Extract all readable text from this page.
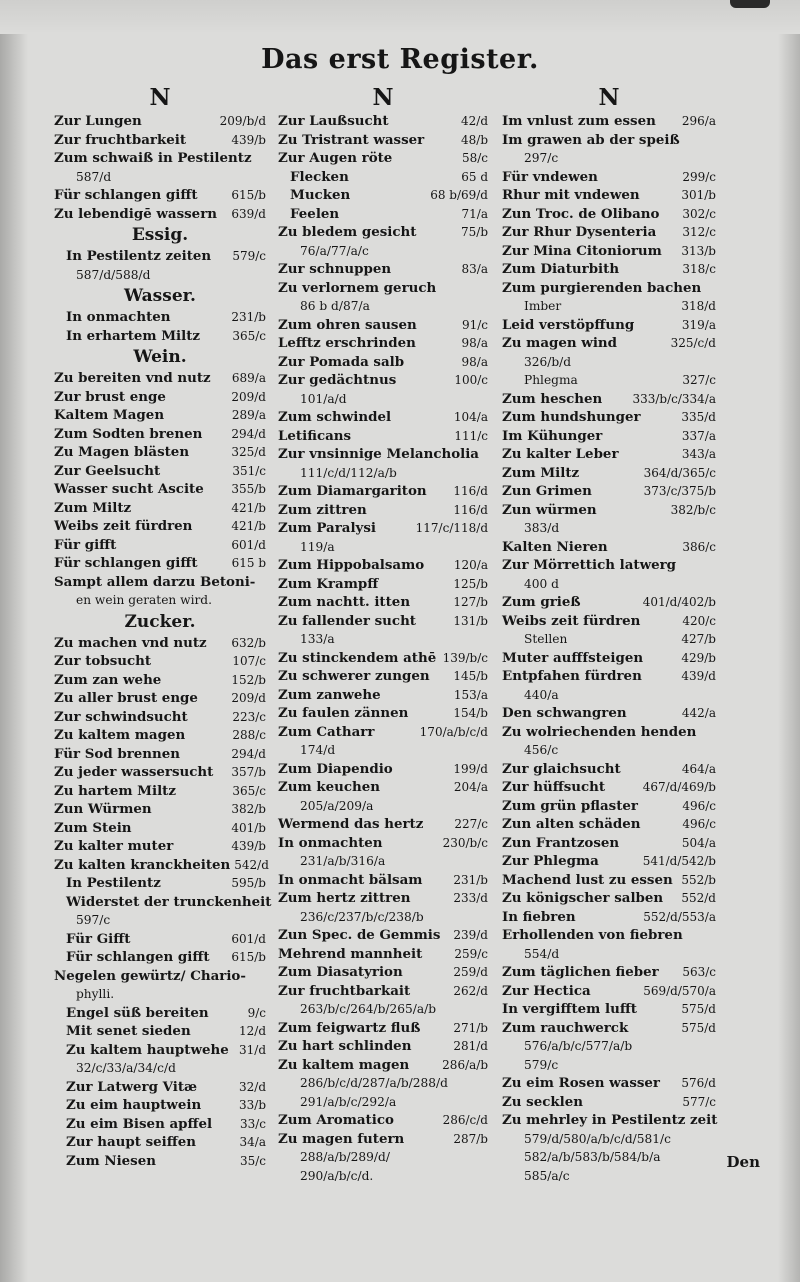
Das erst Register.
N
Zur Lungen	209/b/d
Zur fruchtbarkeit	439/b
Zum schwaiß in Pestilentz
587/d
Für schlangen gifft	615/b
Zu lebendigē wassern	639/d
Essig.
In Pestilentz zeiten	579/c
587/d/588/d
Wasser.
In onmachten	231/b
In erhartem Miltz	365/c
Wein.
Zu bereiten vnd nutz	689/a
Zur brust enge	209/d
Kaltem Magen	289/a
Zum Sodten brenen	294/d
Zu Magen blästen	325/d
Zur Geelsucht	351/c
Wasser sucht Ascite	355/b
Zum Miltz	421/b
Weibs zeit fürdren	421/b
Für gifft	601/d
Für schlangen gifft	615 b
Sampt allem darzu Betoni-
en wein geraten wird.
Zucker.
Zu machen vnd nutz	632/b
Zur tobsucht	107/c
Zum zan wehe	152/b
Zu aller brust enge	209/d
Zur schwindsucht	223/c
Zu kaltem magen	288/c
Für Sod brennen	294/d
Zu jeder wassersucht	357/b
Zu hartem Miltz	365/c
Zun Würmen	382/b
Zum Stein	401/b
Zu kalter muter	439/b
Zu kalten kranckheiten 542/d
In Pestilentz	595/b
Widerstet der trunckenheit
597/c
Für Gifft	601/d
Für schlangen gifft	615/b
Negelen gewürtz/ Chario-
phylli.
Engel süß bereiten	9/c
Mit senet sieden	12/d
Zu kaltem hauptwehe 31/d
32/c/33/a/34/c/d
Zur Latwerg Vitæ	32/d
Zu eim hauptwein	33/b
Zu eim Bisen apffel	33/c
Zur haupt seiffen	34/a
Zum Niesen	35/c
N
Zur Laußsucht	42/d
Zu Tristrant wasser	48/b
Zur Augen röte	58/c
Flecken	65 d
Mucken	68 b/69/d
Feelen	71/a
Zu bledem gesicht	75/b
76/a/77/a/c
Zur schnuppen	83/a
Zu verlornem geruch
86 b d/87/a
Zum ohren sausen	91/c
Lefftz erschrinden	98/a
Zur Pomada salb	98/a
Zur gedächtnus	100/c
101/a/d
Zum schwindel	104/a
Letificans	111/c
Zur vnsinnige Melancholia
111/c/d/112/a/b
Zum Diamargariton	116/d
Zum zittren	116/d
Zum Paralysi	117/c/118/d
119/a
Zum Hippobalsamo	120/a
Zum Krampff	125/b
Zum nachtt. itten	127/b
Zu fallender sucht	131/b
133/a
Zu stinckendem athē 139/b/c
Zu schwerer zungen	145/b
Zum zanwehe	153/a
Zu faulen zännen	154/b
Zum Catharr	170/a/b/c/d
174/d
Zum Diapendio	199/d
Zum keuchen	204/a
205/a/209/a
Wermend das hertz	227/c
In onmachten	230/b/c
231/a/b/316/a
In onmacht bälsam	231/b
Zum hertz zittren	233/d
236/c/237/b/c/238/b
Zun Spec. de Gemmis	239/d
Mehrend mannheit	259/c
Zum Diasatyrion	259/d
Zur fruchtbarkait	262/d
263/b/c/264/b/265/a/b
Zum feigwartz fluß	271/b
Zu hart schlinden	281/d
Zu kaltem magen	286/a/b
286/b/c/d/287/a/b/288/d
291/a/b/c/292/a
Zum Aromatico	286/c/d
Zu magen futern	287/b
288/a/b/289/d/
290/a/b/c/d.
N
Im vnlust zum essen	296/a
Im grawen ab der speiß
297/c
Für vndewen	299/c
Rhur mit vndewen	301/b
Zun Troc. de Olibano	302/c
Zur Rhur Dysenteria	312/c
Zur Mina Citoniorum	313/b
Zum Diaturbith	318/c
Zum purgierenden bachen
Imber	318/d
Leid verstöpffung	319/a
Zu magen wind	325/c/d
326/b/d
Phlegma	327/c
Zum heschen	333/b/c/334/a
Zum hundshunger	335/d
Im Kühunger	337/a
Zu kalter Leber	343/a
Zum Miltz	364/d/365/c
Zun Grimen	373/c/375/b
Zun würmen	382/b/c
383/d
Kalten Nieren	386/c
Zur Mörrettich latwerg
400 d
Zum grieß	401/d/402/b
Weibs zeit fürdren	420/c
Stellen	427/b
Muter aufffsteigen	429/b
Entpfahen fürdren	439/d
440/a
Den schwangren	442/a
Zu wolriechenden henden
456/c
Zur glaichsucht	464/a
Zur hüffsucht	467/d/469/b
Zum grün pflaster	496/c
Zun alten schäden	496/c
Zun Frantzosen	504/a
Zur Phlegma	541/d/542/b
Machend lust zu essen 552/b
Zu königscher salben	552/d
In fiebren	552/d/553/a
Erhollenden von fiebren
554/d
Zum täglichen fieber	563/c
Zur Hectica	569/d/570/a
In vergifftem lufft	575/d
Zum rauchwerck	575/d
576/a/b/c/577/a/b
579/c
Zu eim Rosen wasser	576/d
Zu secklen	577/c
Zu mehrley in Pestilentz zeit
579/d/580/a/b/c/d/581/c
582/a/b/583/b/584/b/a
585/a/c
Den
